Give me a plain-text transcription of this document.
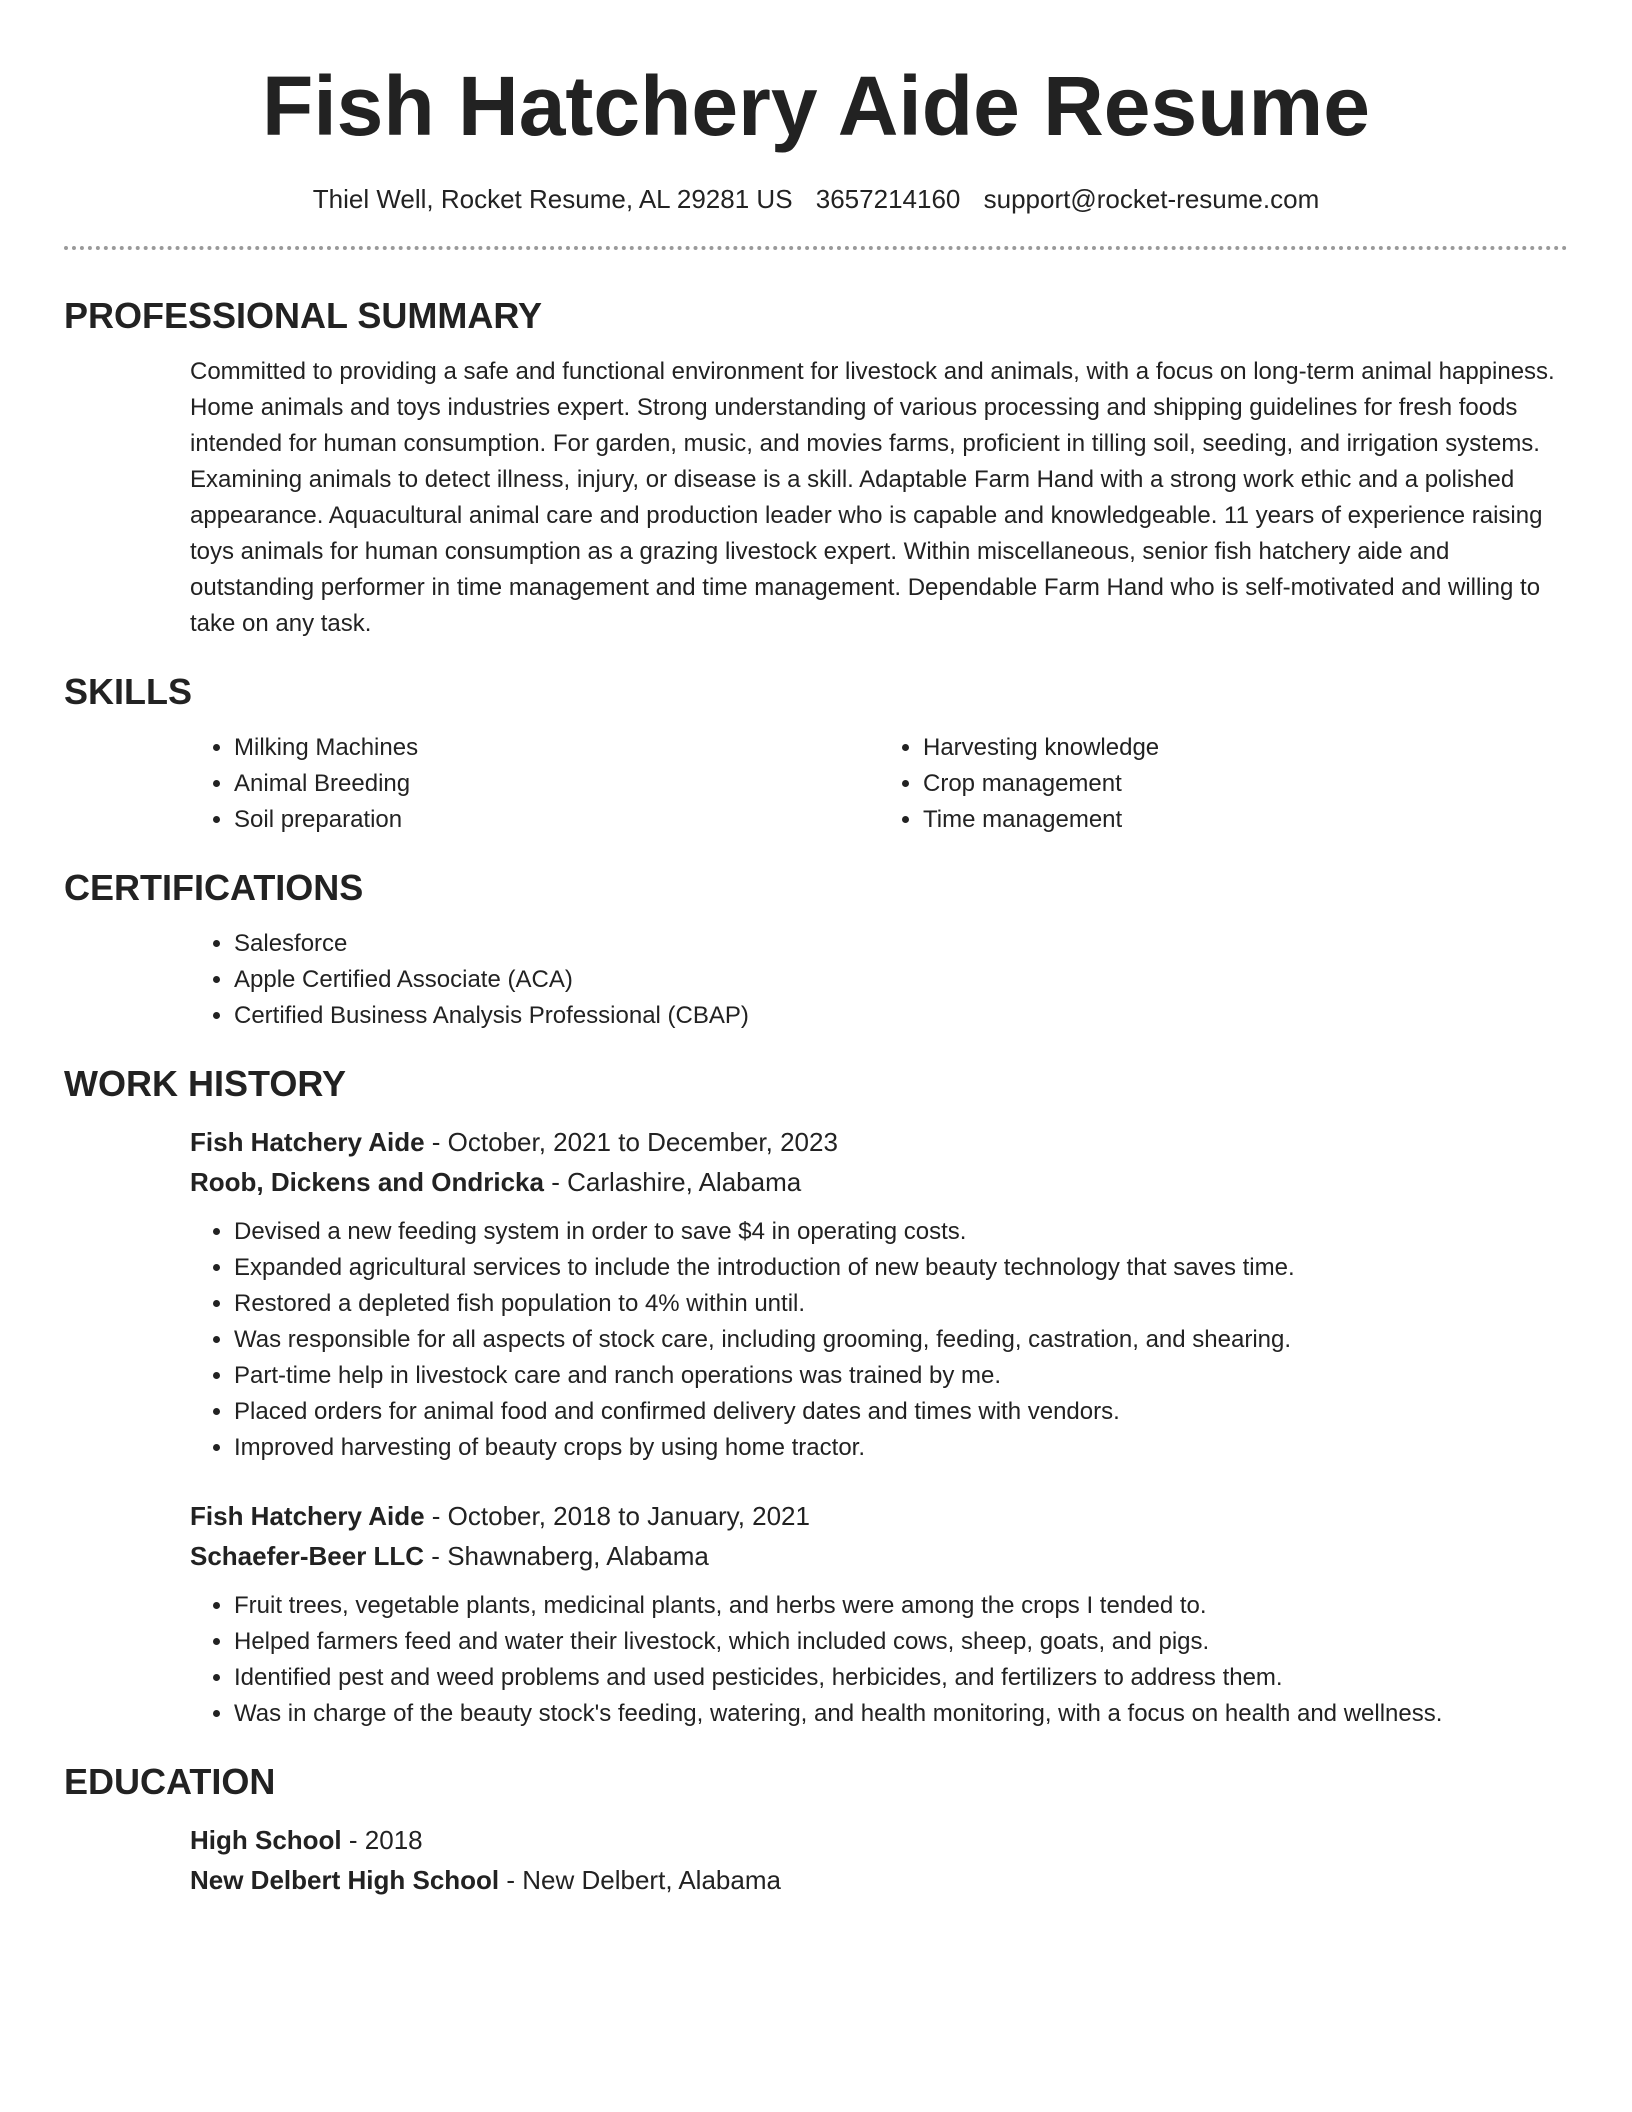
Fish Hatchery Aide Resume
Thiel Well, Rocket Resume, AL 29281 US 3657214160 support@rocket-resume.com
PROFESSIONAL SUMMARY

Committed to providing a safe and functional environment for livestock and animals, with a focus on long-term animal happiness. Home animals and toys industries expert. Strong understanding of various processing and shipping guidelines for fresh foods intended for human consumption. For garden, music, and movies farms, proficient in tilling soil, seeding, and irrigation systems. Examining animals to detect illness, injury, or disease is a skill. Adaptable Farm Hand with a strong work ethic and a polished appearance. Aquacultural animal care and production leader who is capable and knowledgeable. 11 years of experience raising toys animals for human consumption as a grazing livestock expert. Within miscellaneous, senior fish hatchery aide and outstanding performer in time management and time management. Dependable Farm Hand who is self-motivated and willing to take on any task.

SKILLS
• Milking Machines
• Animal Breeding
• Soil preparation
• Harvesting knowledge
• Crop management
• Time management
CERTIFICATIONS
• Salesforce
• Apple Certified Associate (ACA)
• Certified Business Analysis Professional (CBAP)
WORK HISTORY
Fish Hatchery Aide - October, 2021 to December, 2023
Roob, Dickens and Ondricka - Carlashire, Alabama
• Devised a new feeding system in order to save $4 in operating costs.
• Expanded agricultural services to include the introduction of new beauty technology that saves time.
• Restored a depleted fish population to 4% within until.
• Was responsible for all aspects of stock care, including grooming, feeding, castration, and shearing.
• Part-time help in livestock care and ranch operations was trained by me.
• Placed orders for animal food and confirmed delivery dates and times with vendors.
• Improved harvesting of beauty crops by using home tractor.
Fish Hatchery Aide - October, 2018 to January, 2021
Schaefer-Beer LLC - Shawnaberg, Alabama
• Fruit trees, vegetable plants, medicinal plants, and herbs were among the crops I tended to.
• Helped farmers feed and water their livestock, which included cows, sheep, goats, and pigs.
• Identified pest and weed problems and used pesticides, herbicides, and fertilizers to address them.
• Was in charge of the beauty stock's feeding, watering, and health monitoring, with a focus on health and wellness.
EDUCATION
High School - 2018
New Delbert High School - New Delbert, Alabama
